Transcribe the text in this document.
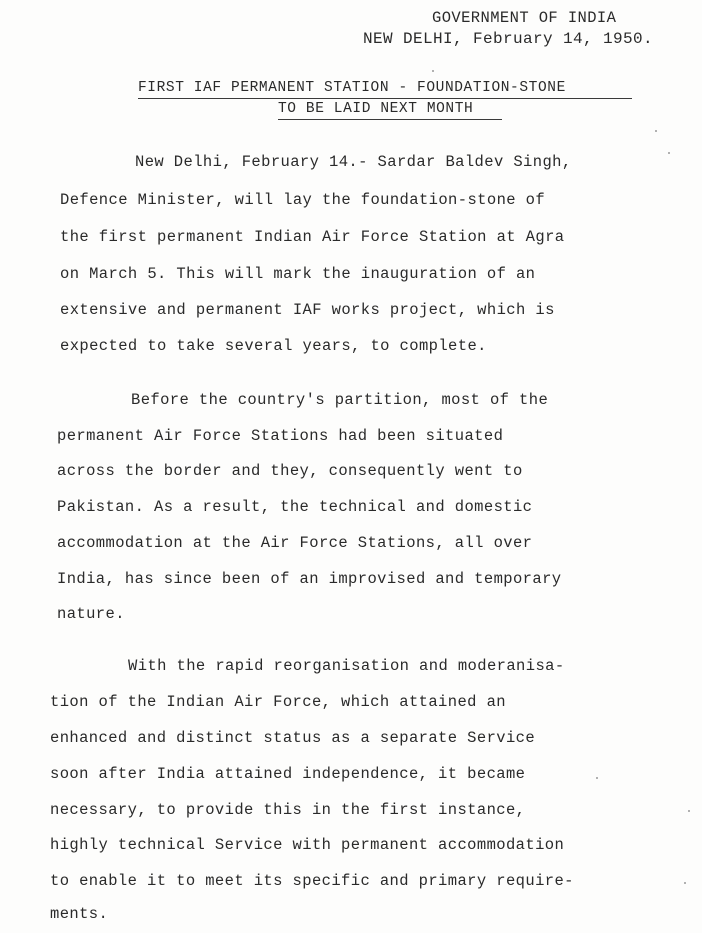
GOVERNMENT OF INDIA
NEW DELHI, February 14, 1950.
FIRST IAF PERMANENT STATION - FOUNDATION-STONE
TO BE LAID NEXT MONTH
New Delhi, February 14.- Sardar Baldev Singh,
Defence Minister, will lay the foundation-stone of
the first permanent Indian Air Force Station at Agra
on March 5. This will mark the inauguration of an
extensive and permanent IAF works project, which is
expected to take several years, to complete.
Before the country's partition, most of the
permanent Air Force Stations had been situated
across the border and they, consequently went to
Pakistan. As a result, the technical and domestic
accommodation at the Air Force Stations, all over
India, has since been of an improvised and temporary
nature.
With the rapid reorganisation and moderanisa-
tion of the Indian Air Force, which attained an
enhanced and distinct status as a separate Service
soon after India attained independence, it became
necessary, to provide this in the first instance,
highly technical Service with permanent accommodation
to enable it to meet its specific and primary require-
ments.
